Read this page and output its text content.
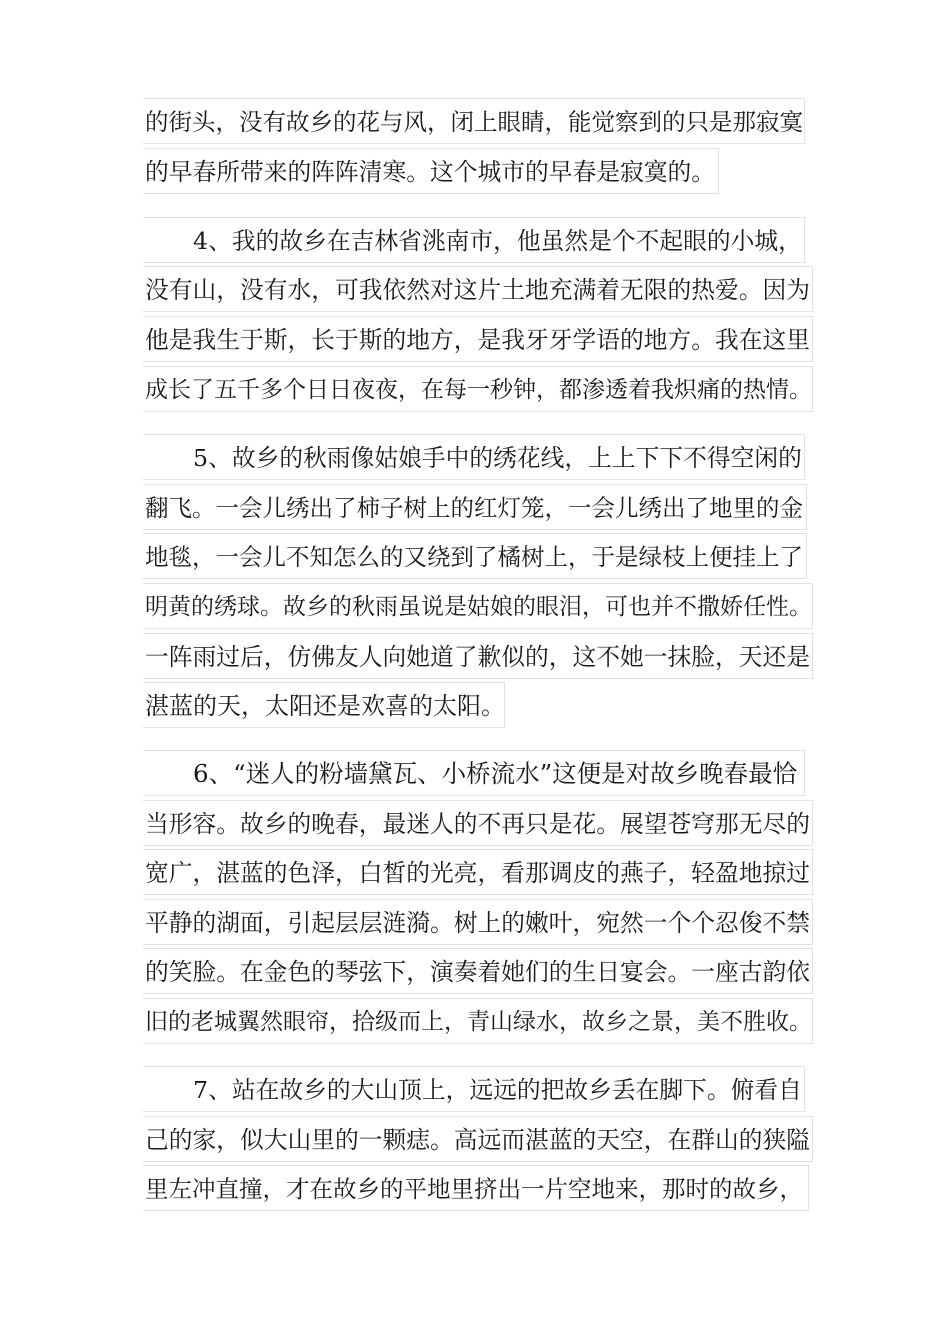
的街头，没有故乡的花与风，闭上眼睛，能觉察到的只是那寂寞
的早春所带来的阵阵清寒。这个城市的早春是寂寞的。
4、我的故乡在吉林省洮南市，他虽然是个不起眼的小城，
没有山，没有水，可我依然对这片土地充满着无限的热爱。因为
他是我生于斯，长于斯的地方，是我牙牙学语的地方。我在这里
成长了五千多个日日夜夜，在每一秒钟，都渗透着我炽痛的热情。
5、故乡的秋雨像姑娘手中的绣花线，上上下下不得空闲的
翻飞。一会儿绣出了柿子树上的红灯笼，一会儿绣出了地里的金
地毯，一会儿不知怎么的又绕到了橘树上，于是绿枝上便挂上了
明黄的绣球。故乡的秋雨虽说是姑娘的眼泪，可也并不撒娇任性。
一阵雨过后，仿佛友人向她道了歉似的，这不她一抹脸，天还是
湛蓝的天，太阳还是欢喜的太阳。
6、“迷人的粉墙黛瓦、小桥流水”这便是对故乡晚春最恰
当形容。故乡的晚春，最迷人的不再只是花。展望苍穹那无尽的
宽广，湛蓝的色泽，白皙的光亮，看那调皮的燕子，轻盈地掠过
平静的湖面，引起层层涟漪。树上的嫩叶，宛然一个个忍俊不禁
的笑脸。在金色的琴弦下，演奏着她们的生日宴会。一座古韵依
旧的老城翼然眼帘，拾级而上，青山绿水，故乡之景，美不胜收。
7、站在故乡的大山顶上，远远的把故乡丢在脚下。俯看自
己的家，似大山里的一颗痣。高远而湛蓝的天空，在群山的狭隘
里左冲直撞，才在故乡的平地里挤出一片空地来，那时的故乡，
